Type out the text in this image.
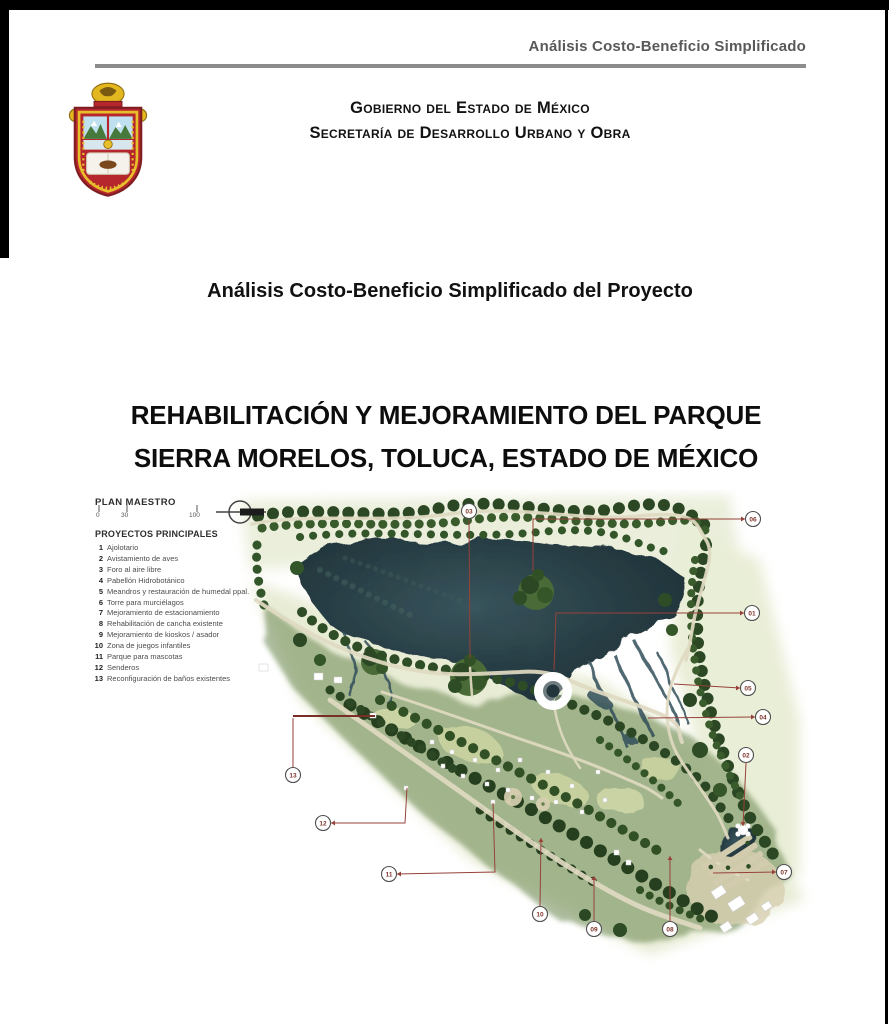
Análisis Costo-Beneficio Simplificado
Gobierno del Estado de México
Secretaría de Desarrollo Urbano y Obra
Análisis Costo-Beneficio Simplificado del Proyecto
REHABILITACIÓN Y MEJORAMIENTO DEL PARQUE
SIERRA MORELOS, TOLUCA, ESTADO DE MÉXICO
01
02
03
04
05
06
07
08
09
10
11
12
13
PLAN MAESTRO
0	30	100
PROYECTOS PRINCIPALES
1 Ajolotario
2 Avistamiento de aves
3 Foro al aire libre
4 Pabellón Hidrobotánico
5 Meandros y restauración de humedal ppal.
6 Torre para murciélagos
7 Mejoramiento de estacionamiento
8 Rehabilitación de cancha existente
9 Mejoramiento de kioskos / asador
10 Zona de juegos infantiles
11 Parque para mascotas
12 Senderos
13 Reconfiguración de baños existentes
